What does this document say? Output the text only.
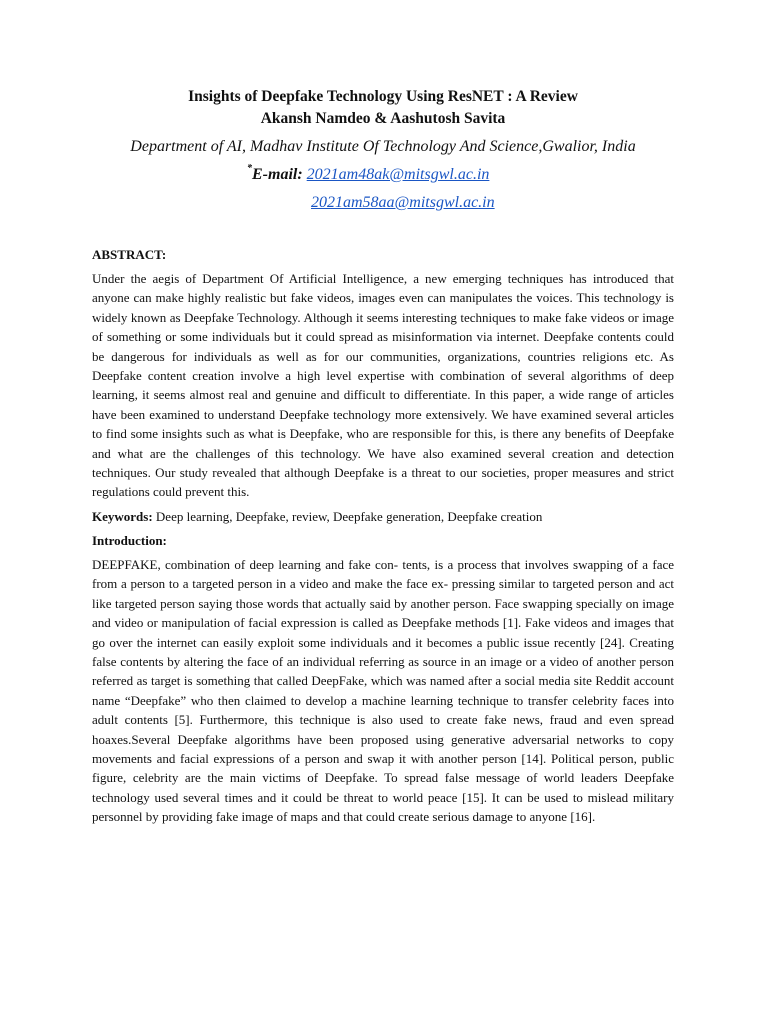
Insights of Deepfake Technology Using ResNET : A Review

Akansh Namdeo & Aashutosh Savita

Department of AI, Madhav Institute Of Technology And Science,Gwalior, India

*E-mail: 2021am48ak@mitsgwl.ac.in
2021am58aa@mitsgwl.ac.in

ABSTRACT:

Under the aegis of Department Of Artificial Intelligence, a new emerging techniques has introduced that anyone can make highly realistic but fake videos, images even can manipulates the voices. This technology is widely known as Deepfake Technology. Although it seems interesting techniques to make fake videos or image of something or some individuals but it could spread as misinformation via internet. Deepfake contents could be dangerous for individuals as well as for our communities, organizations, countries religions etc. As Deepfake content creation involve a high level expertise with combination of several algorithms of deep learning, it seems almost real and genuine and difficult to differentiate. In this paper, a wide range of articles have been examined to understand Deepfake technology more extensively. We have examined several articles to find some insights such as what is Deepfake, who are responsible for this, is there any benefits of Deepfake and what are the challenges of this technology. We have also examined several creation and detection techniques. Our study revealed that although Deepfake is a threat to our societies, proper measures and strict regulations could prevent this.

Keywords: Deep learning, Deepfake, review, Deepfake generation, Deepfake creation

Introduction:

DEEPFAKE, combination of deep learning and fake con- tents, is a process that involves swapping of a face from a person to a targeted person in a video and make the face ex- pressing similar to targeted person and act like targeted person saying those words that actually said by another person. Face swapping specially on image and video or manipulation of facial expression is called as Deepfake methods [1]. Fake videos and images that go over the internet can easily exploit some individuals and it becomes a public issue recently [24]. Creating false contents by altering the face of an individual referring as source in an image or a video of another person referred as target is something that called DeepFake, which was named after a social media site Reddit account name “Deepfake” who then claimed to develop a machine learning technique to transfer celebrity faces into adult contents [5]. Furthermore, this technique is also used to create fake news, fraud and even spread hoaxes.Several Deepfake algorithms have been proposed using generative adversarial networks to copy movements and facial expressions of a person and swap it with another person [14]. Political person, public figure, celebrity are the main victims of Deepfake. To spread false message of world leaders Deepfake technology used several times and it could be threat to world peace [15]. It can be used to mislead military personnel by providing fake image of maps and that could create serious damage to anyone [16].
